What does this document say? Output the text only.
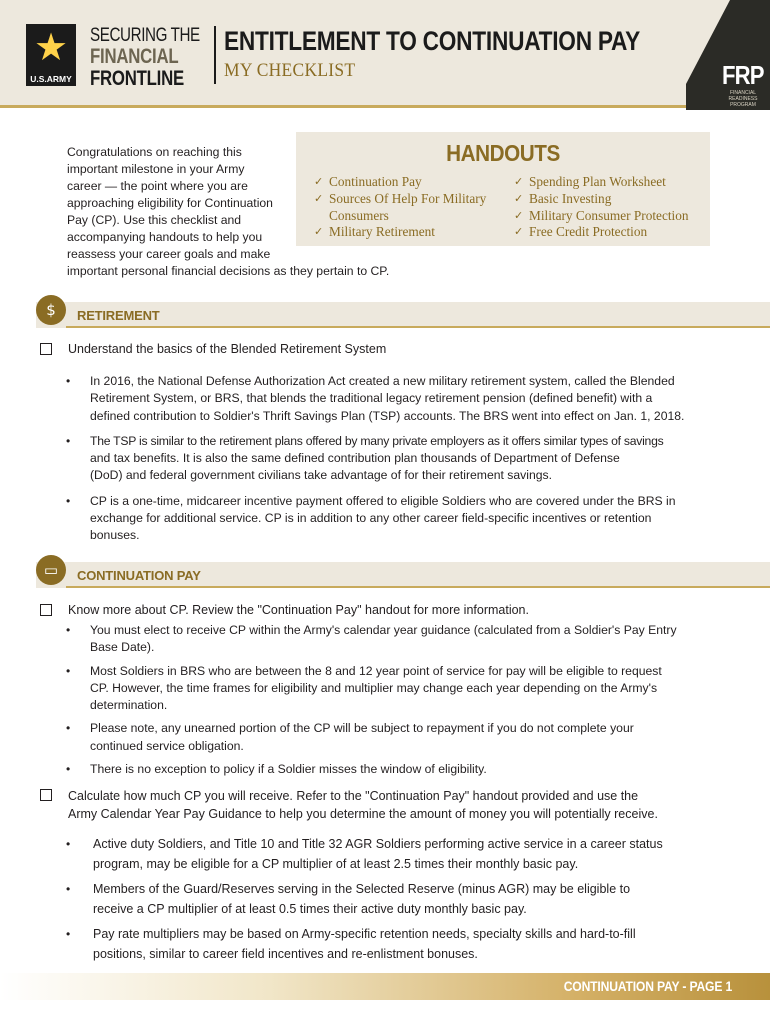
★
U.S.ARMY
SECURING THE
FINANCIAL
FRONTLINE
ENTITLEMENT TO CONTINUATION PAY
MY CHECKLIST	FRP
FINANCIAL READINESS PROGRAM
Congratulations on reaching this
important milestone in your Army
career — the point where you are
approaching eligibility for Continuation
Pay (CP). Use this checklist and
accompanying handouts to help you
reassess your career goals and make
important personal financial decisions as they pertain to CP.
HANDOUTS
✓ Continuation Pay
✓ Sources Of Help For Military Consumers
✓ Military Retirement
✓ Spending Plan Worksheet
✓ Basic Investing
✓ Military Consumer Protection
✓ Free Credit Protection
$	RETIREMENT
Understand the basics of the Blended Retirement System
• In 2016, the National Defense Authorization Act created a new military retirement system, called the Blended
Retirement System, or BRS, that blends the traditional legacy retirement pension (defined benefit) with a
defined contribution to Soldier's Thrift Savings Plan (TSP) accounts. The BRS went into effect on Jan. 1, 2018.
• The TSP is similar to the retirement plans offered by many private employers as it offers similar types of savings
and tax benefits. It is also the same defined contribution plan thousands of Department of Defense
(DoD) and federal government civilians take advantage of for their retirement savings.
• CP is a one-time, midcareer incentive payment offered to eligible Soldiers who are covered under the BRS in
exchange for additional service. CP is in addition to any other career field-specific incentives or retention
bonuses.
▭	CONTINUATION PAY
Know more about CP. Review the "Continuation Pay" handout for more information.
• You must elect to receive CP within the Army's calendar year guidance (calculated from a Soldier's Pay Entry
Base Date).
• Most Soldiers in BRS who are between the 8 and 12 year point of service for pay will be eligible to request
CP. However, the time frames for eligibility and multiplier may change each year depending on the Army's
determination.
• Please note, any unearned portion of the CP will be subject to repayment if you do not complete your
continued service obligation.
• There is no exception to policy if a Soldier misses the window of eligibility.
Calculate how much CP you will receive. Refer to the "Continuation Pay" handout provided and use the
Army Calendar Year Pay Guidance to help you determine the amount of money you will potentially receive.
• Active duty Soldiers, and Title 10 and Title 32 AGR Soldiers performing active service in a career status
program, may be eligible for a CP multiplier of at least 2.5 times their monthly basic pay.
• Members of the Guard/Reserves serving in the Selected Reserve (minus AGR) may be eligible to
receive a CP multiplier of at least 0.5 times their active duty monthly basic pay.
• Pay rate multipliers may be based on Army-specific retention needs, specialty skills and hard-to-fill
positions, similar to career field incentives and re-enlistment bonuses.
CONTINUATION PAY - PAGE 1
